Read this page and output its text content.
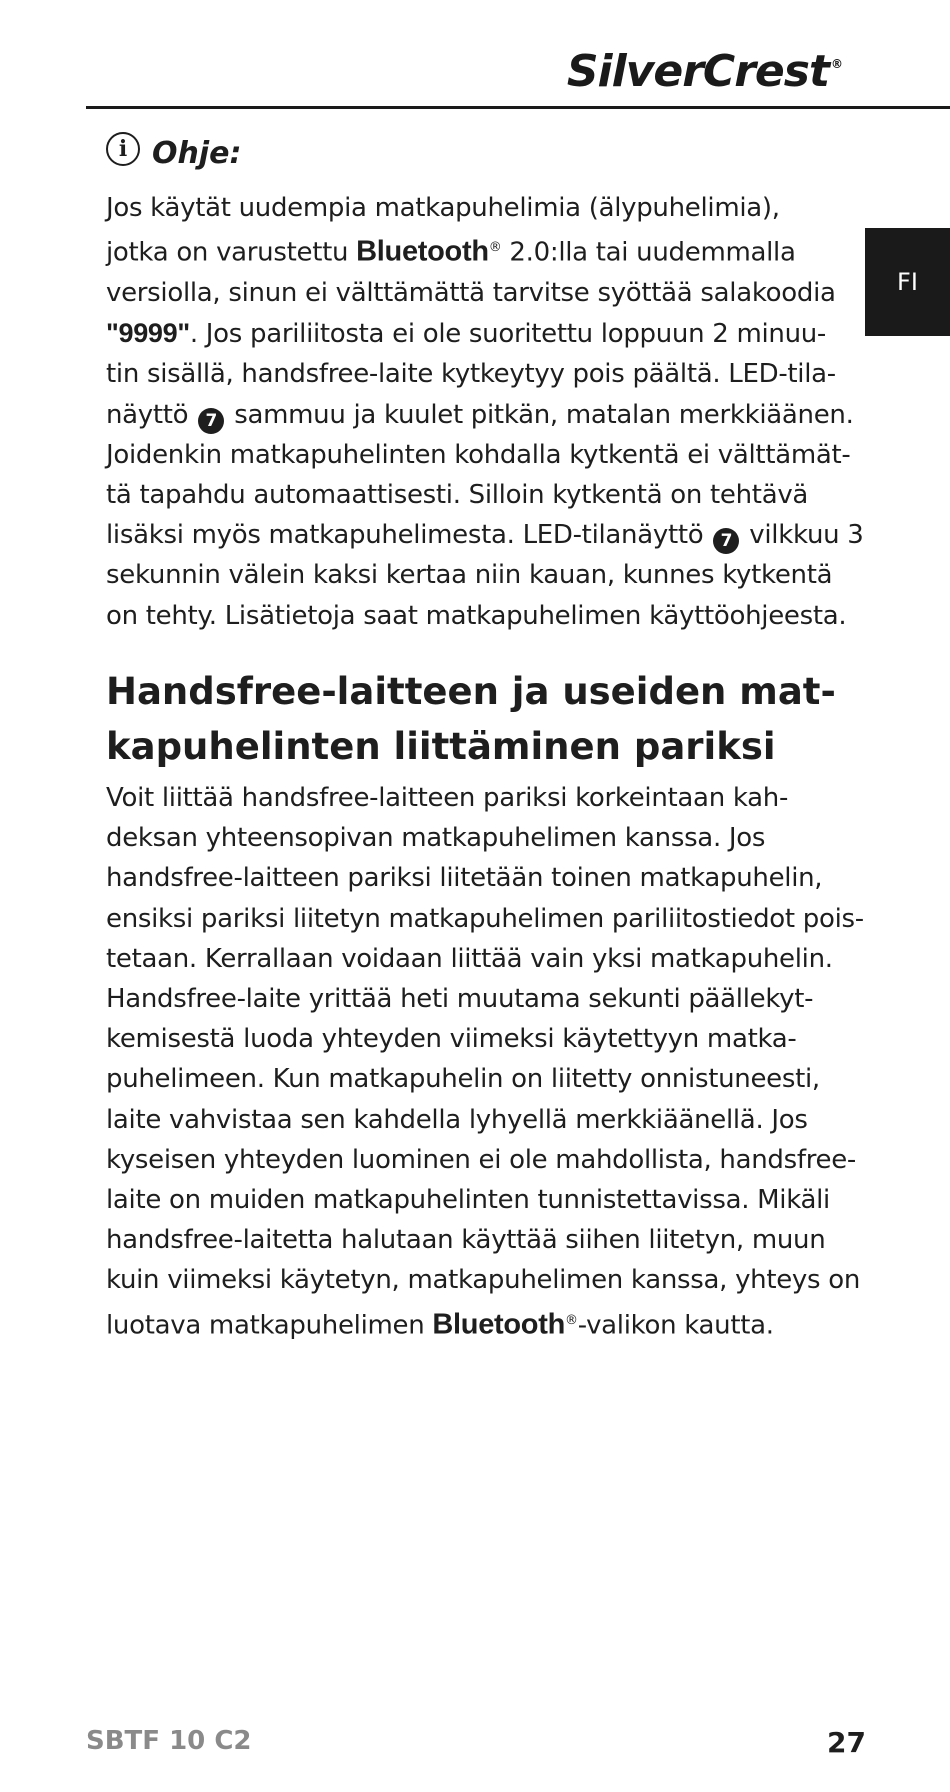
SilverCrest ®
FI
i Ohje:

Jos käytät uudempia matkapuhelimia (älypuhelimia),
jotka on varustettu Bluetooth® 2.0:lla tai uudemmalla
versiolla, sinun ei välttämättä tarvitse syöttää salakoodia
"9999". Jos pariliitosta ei ole suoritettu loppuun 2 minuu-
tin sisällä, handsfree-laite kytkeytyy pois päältä. LED-tila-
näyttö 7 sammuu ja kuulet pitkän, matalan merkkiäänen.
Joidenkin matkapuhelinten kohdalla kytkentä ei välttämät-
tä tapahdu automaattisesti. Silloin kytkentä on tehtävä
lisäksi myös matkapuhelimesta. LED-tilanäyttö 7 vilkkuu 3
sekunnin välein kaksi kertaa niin kauan, kunnes kytkentä
on tehty. Lisätietoja saat matkapuhelimen käyttöohjeesta.

Handsfree-laitteen ja useiden mat-
kapuhelinten liittäminen pariksi

Voit liittää handsfree-laitteen pariksi korkeintaan kah-
deksan yhteensopivan matkapuhelimen kanssa. Jos
handsfree-laitteen pariksi liitetään toinen matkapuhelin,
ensiksi pariksi liitetyn matkapuhelimen pariliitostiedot pois-
tetaan. Kerrallaan voidaan liittää vain yksi matkapuhelin.
Handsfree-laite yrittää heti muutama sekunti päällekyt-
kemisestä luoda yhteyden viimeksi käytettyyn matka-
puhelimeen. Kun matkapuhelin on liitetty onnistuneesti,
laite vahvistaa sen kahdella lyhyellä merkkiäänellä. Jos
kyseisen yhteyden luominen ei ole mahdollista, handsfree-
laite on muiden matkapuhelinten tunnistettavissa. Mikäli
handsfree-laitetta halutaan käyttää siihen liitetyn, muun
kuin viimeksi käytetyn, matkapuhelimen kanssa, yhteys on
luotava matkapuhelimen Bluetooth®-valikon kautta.

SBTF 10 C2	27
